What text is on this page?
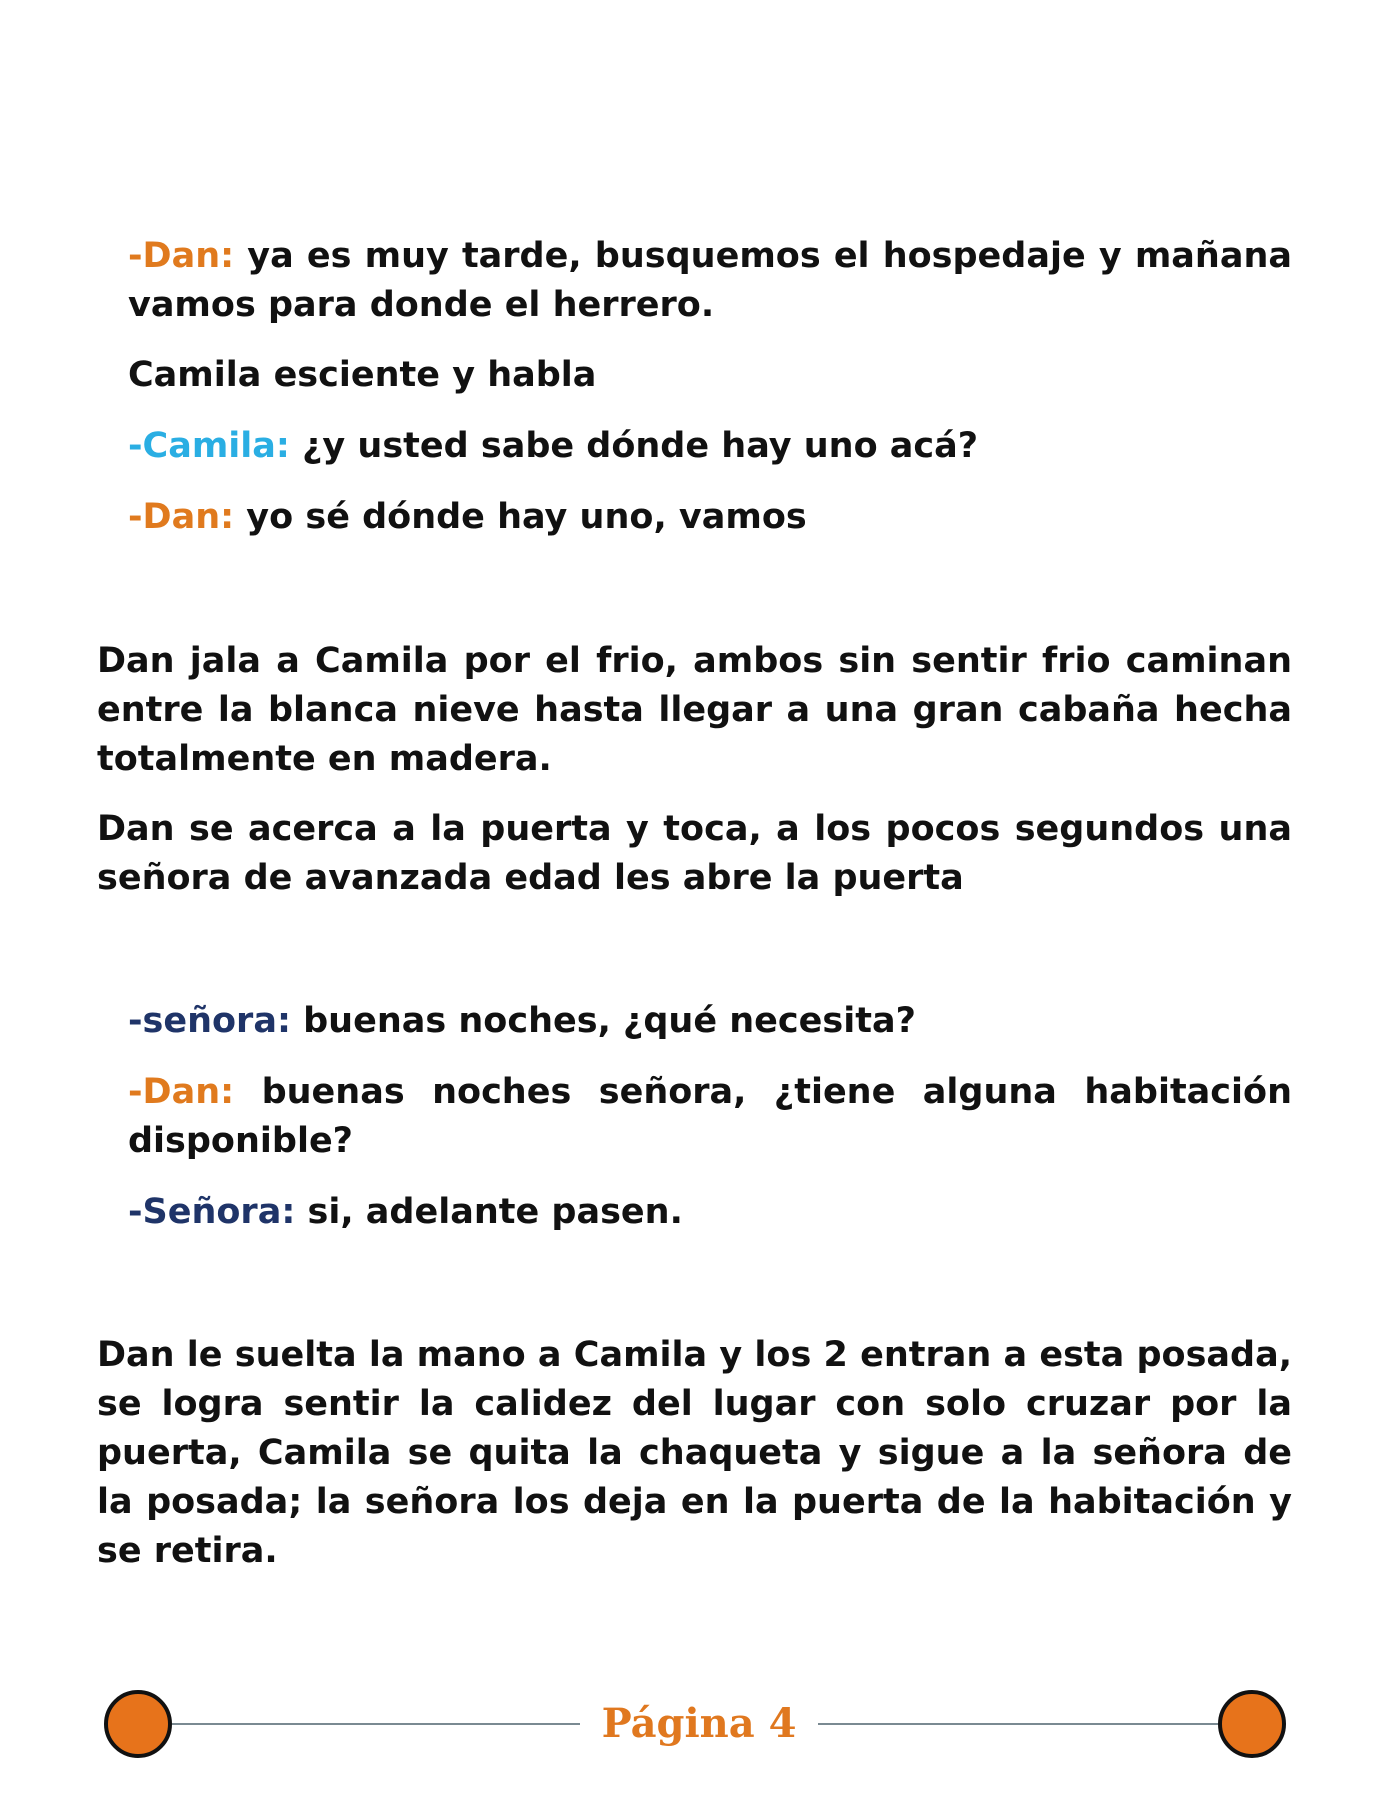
-Dan: ya es muy tarde, busquemos el hospedaje y mañana vamos para donde el herrero.

Camila esciente y habla

-Camila: ¿y usted sabe dónde hay uno acá?

-Dan: yo sé dónde hay uno, vamos

Dan jala a Camila por el frio, ambos sin sentir frio caminan entre la blanca nieve hasta llegar a una gran cabaña hecha totalmente en madera.

Dan se acerca a la puerta y toca, a los pocos segundos una señora de avanzada edad les abre la puerta

-señora: buenas noches, ¿qué necesita?

-Dan: buenas noches señora, ¿tiene alguna habitación disponible?

-Señora: si, adelante pasen.

Dan le suelta la mano a Camila y los 2 entran a esta posada, se logra sentir la calidez del lugar con solo cruzar por la puerta, Camila se quita la chaqueta y sigue a la señora de la posada; la señora los deja en la puerta de la habitación y se retira.

Página 4
